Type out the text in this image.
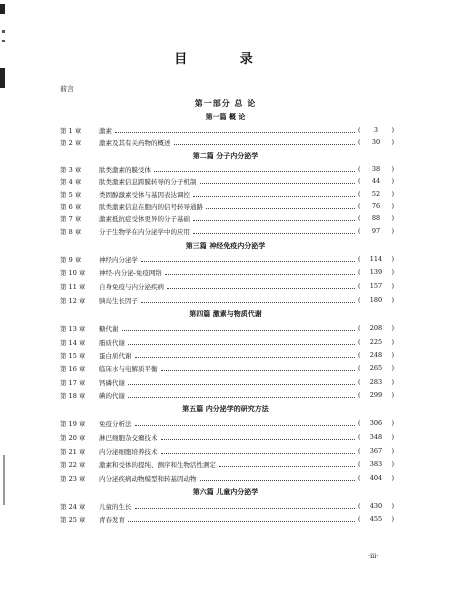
目 录
前言
第一部分 总 论
第一篇 概 论
第 1 章	激素	( 3 )
第 2 章	激素及其有关药物的概述	( 30 )
第二篇 分子内分泌学
第 3 章	肽类激素的膜受体	( 38 )
第 4 章	肽类激素信息跨膜转导的分子机制	( 44 )
第 5 章	类固醇激素受体与基因表达调控	( 52 )
第 6 章	肽类激素信息在胞内的信号转导通路	( 76 )
第 7 章	激素抵抗症受体更异的分子基础	( 88 )
第 8 章	分子生物学在内分泌学中的应用	( 97 )
第三篇 神经免疫内分泌学
第 9 章	神经内分泌学	( 114 )
第 10 章	神经-内分泌-免疫网络	( 139 )
第 11 章	自身免疫与内分泌疾病	( 157 )
第 12 章	胰岛生长因子	( 180 )
第四篇 激素与物质代谢
第 13 章	糖代谢	( 208 )
第 14 章	脂质代谢	( 225 )
第 15 章	蛋白质代谢	( 248 )
第 16 章	临床水与电解质平衡	( 265 )
第 17 章	钙磷代谢	( 283 )
第 18 章	碘的代谢	( 299 )
第五篇 内分泌学的研究方法
第 19 章	免疫分析法	( 306 )
第 20 章	淋巴细胞杂交瘤技术	( 348 )
第 21 章	内分泌细胞培养技术	( 367 )
第 22 章	激素和受体的提纯、测序和生物活性测定	( 383 )
第 23 章	内分泌疾病动物模型和转基因动物	( 404 )
第六篇 儿童内分泌学
第 24 章	儿童的生长	( 430 )
第 25 章	青春发育	( 455 )
·iii·
